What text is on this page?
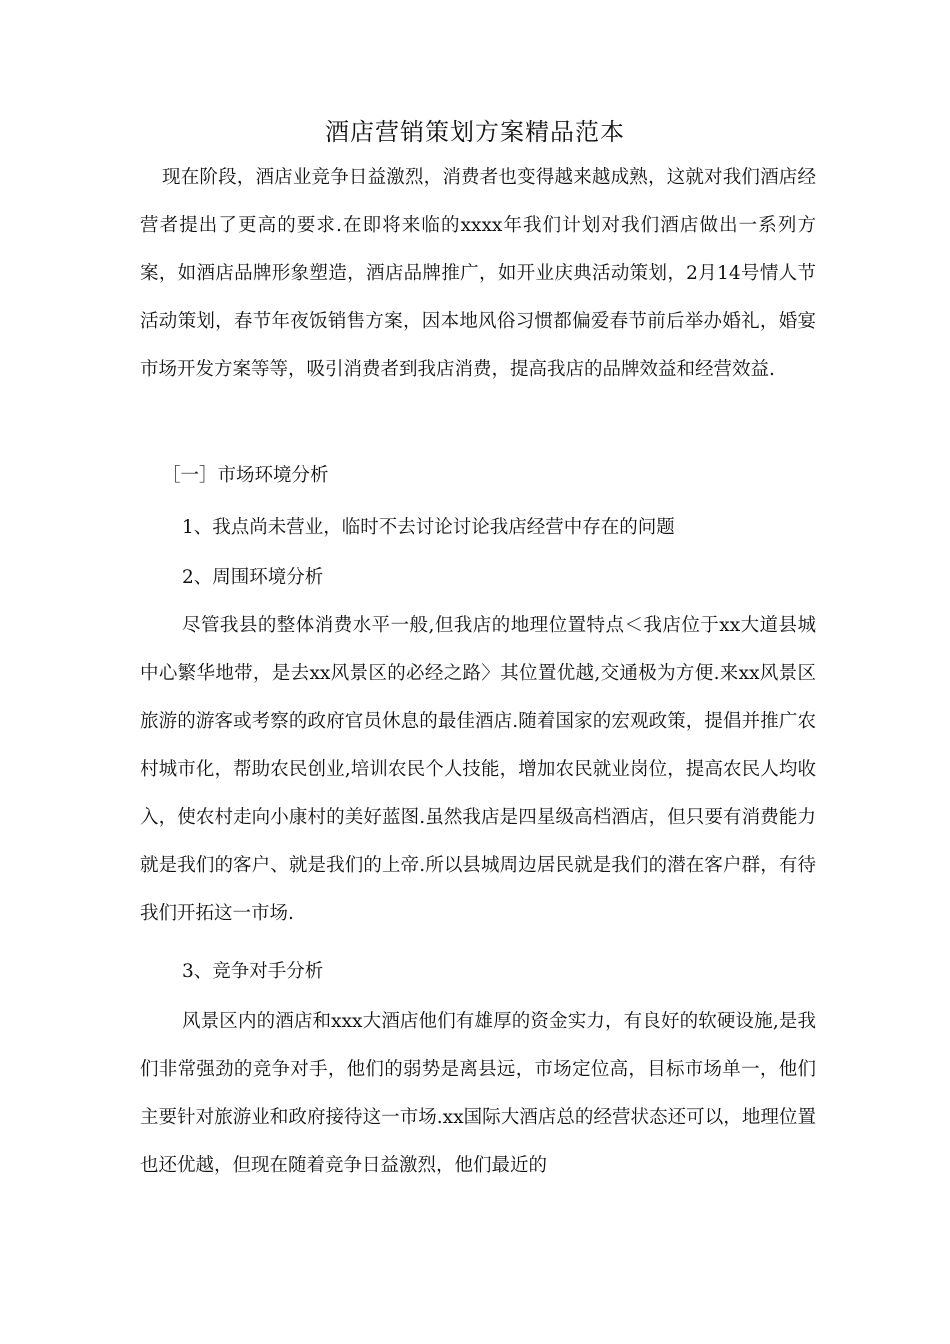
酒店营销策划方案精品范本

现在阶段，酒店业竞争日益激烈，消费者也变得越来越成熟，这就对我们酒店经营者提出了更高的要求.在即将来临的xxxx年我们计划对我们酒店做出一系列方案，如酒店品牌形象塑造，酒店品牌推广，如开业庆典活动策划，2月14号情人节活动策划，春节年夜饭销售方案，因本地风俗习惯都偏爱春节前后举办婚礼，婚宴市场开发方案等等，吸引消费者到我店消费，提高我店的品牌效益和经营效益.

［一］市场环境分析

1、我点尚未营业，临时不去讨论讨论我店经营中存在的问题

2、周围环境分析

尽管我县的整体消费水平一般,但我店的地理位置特点＜我店位于xx大道县城中心繁华地带，是去xx风景区的必经之路〉其位置优越,交通极为方便.来xx风景区旅游的游客或考察的政府官员休息的最佳酒店.随着国家的宏观政策，提倡并推广农村城市化，帮助农民创业,培训农民个人技能，增加农民就业岗位，提高农民人均收入，使农村走向小康村的美好蓝图.虽然我店是四星级高档酒店，但只要有消费能力就是我们的客户、就是我们的上帝.所以县城周边居民就是我们的潜在客户群，有待我们开拓这一市场.

3、竞争对手分析

风景区内的酒店和xxx大酒店他们有雄厚的资金实力，有良好的软硬设施,是我们非常强劲的竞争对手，他们的弱势是离县远，市场定位高，目标市场单一，他们主要针对旅游业和政府接待这一市场.xx国际大酒店总的经营状态还可以，地理位置也还优越，但现在随着竞争日益激烈，他们最近的
